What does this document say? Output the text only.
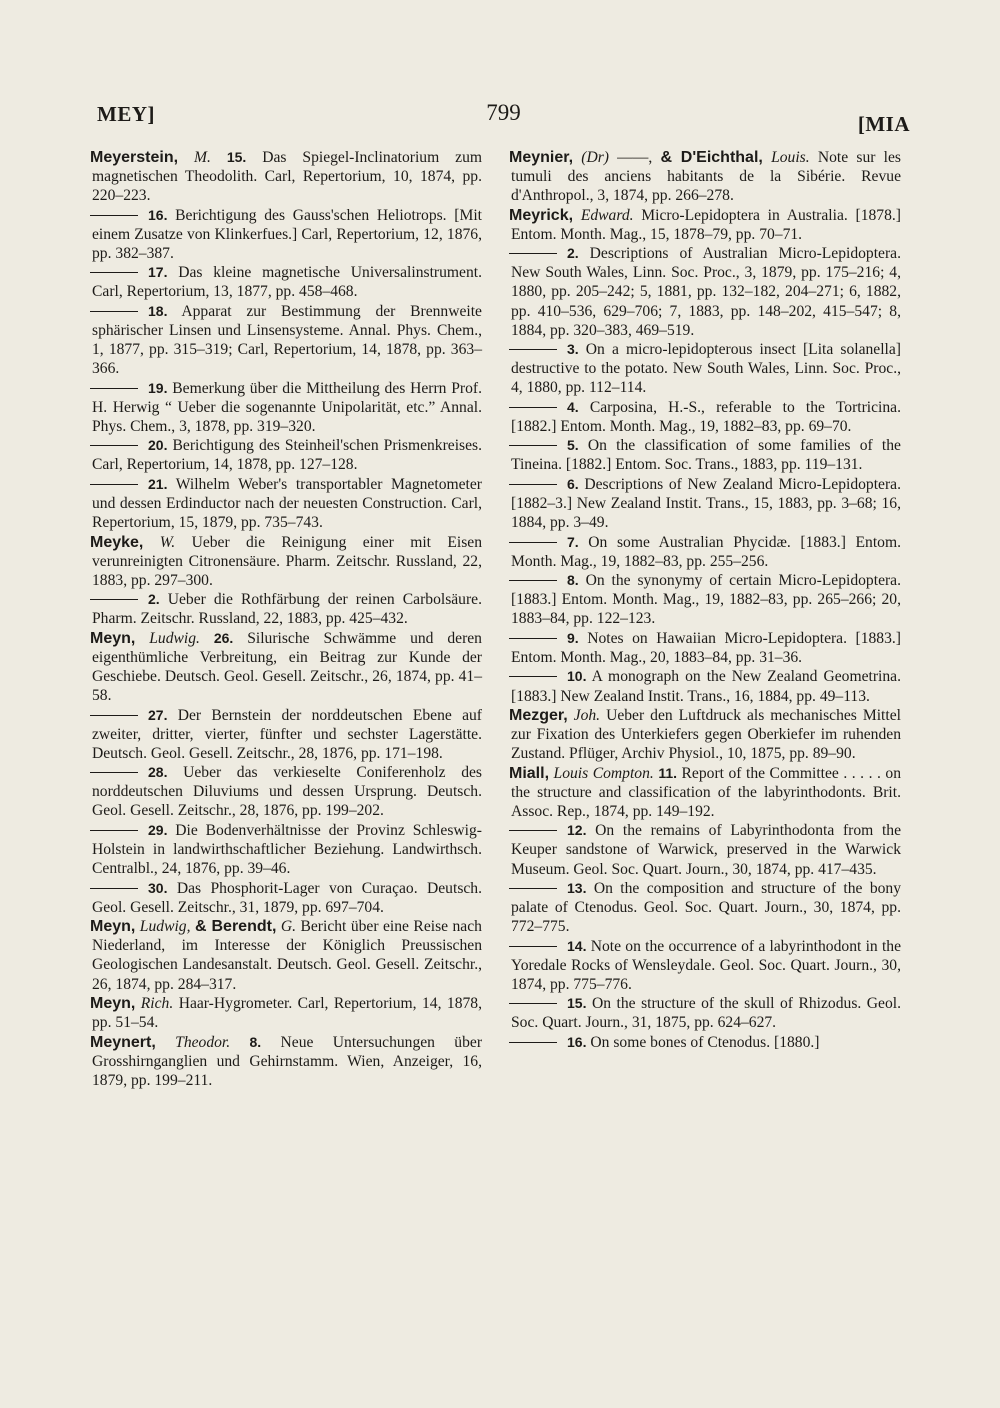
MEY]	799	[MIA

Meyerstein, M. 15. Das Spiegel-Inclinatorium zum magnetischen Theodolith. Carl, Repertorium, 10, 1874, pp. 220–223.

16. Berichtigung des Gauss'schen Heliotrops. [Mit einem Zusatze von Klinkerfues.] Carl, Repertorium, 12, 1876, pp. 382–387.

17. Das kleine magnetische Universalinstrument. Carl, Repertorium, 13, 1877, pp. 458–468.

18. Apparat zur Bestimmung der Brennweite sphärischer Linsen und Linsensysteme. Annal. Phys. Chem., 1, 1877, pp. 315–319; Carl, Repertorium, 14, 1878, pp. 363–366.

19. Bemerkung über die Mittheilung des Herrn Prof. H. Herwig “ Ueber die sogenannte Unipolarität, etc.” Annal. Phys. Chem., 3, 1878, pp. 319–320.

20. Berichtigung des Steinheil'schen Prismenkreises. Carl, Repertorium, 14, 1878, pp. 127–128.

21. Wilhelm Weber's transportabler Magnetometer und dessen Erdinductor nach der neuesten Construction. Carl, Repertorium, 15, 1879, pp. 735–743.

Meyke, W. Ueber die Reinigung einer mit Eisen verunreinigten Citronensäure. Pharm. Zeitschr. Russland, 22, 1883, pp. 297–300.

2. Ueber die Rothfärbung der reinen Carbolsäure. Pharm. Zeitschr. Russland, 22, 1883, pp. 425–432.

Meyn, Ludwig. 26. Silurische Schwämme und deren eigenthümliche Verbreitung, ein Beitrag zur Kunde der Geschiebe. Deutsch. Geol. Gesell. Zeitschr., 26, 1874, pp. 41–58.

27. Der Bernstein der norddeutschen Ebene auf zweiter, dritter, vierter, fünfter und sechster Lagerstätte. Deutsch. Geol. Gesell. Zeitschr., 28, 1876, pp. 171–198.

28. Ueber das verkieselte Coniferenholz des norddeutschen Diluviums und dessen Ursprung. Deutsch. Geol. Gesell. Zeitschr., 28, 1876, pp. 199–202.

29. Die Bodenverhältnisse der Provinz Schleswig-Holstein in landwirthschaftlicher Beziehung. Landwirthsch. Centralbl., 24, 1876, pp. 39–46.

30. Das Phosphorit-Lager von Curaçao. Deutsch. Geol. Gesell. Zeitschr., 31, 1879, pp. 697–704.

Meyn, Ludwig, & Berendt, G. Bericht über eine Reise nach Niederland, im Interesse der Königlich Preussischen Geologischen Landesanstalt. Deutsch. Geol. Gesell. Zeitschr., 26, 1874, pp. 284–317.

Meyn, Rich. Haar-Hygrometer. Carl, Repertorium, 14, 1878, pp. 51–54.

Meynert, Theodor. 8. Neue Untersuchungen über Grosshirnganglien und Gehirnstamm. Wien, Anzeiger, 16, 1879, pp. 199–211.

Meynier, (Dr) ——, & D'Eichthal, Louis. Note sur les tumuli des anciens habitants de la Sibérie. Revue d'Anthropol., 3, 1874, pp. 266–278.

Meyrick, Edward. Micro-Lepidoptera in Australia. [1878.] Entom. Month. Mag., 15, 1878–79, pp. 70–71.

2. Descriptions of Australian Micro-Lepidoptera. New South Wales, Linn. Soc. Proc., 3, 1879, pp. 175–216; 4, 1880, pp. 205–242; 5, 1881, pp. 132–182, 204–271; 6, 1882, pp. 410–536, 629–706; 7, 1883, pp. 148–202, 415–547; 8, 1884, pp. 320–383, 469–519.

3. On a micro-lepidopterous insect [Lita solanella] destructive to the potato. New South Wales, Linn. Soc. Proc., 4, 1880, pp. 112–114.

4. Carposina, H.-S., referable to the Tortricina. [1882.] Entom. Month. Mag., 19, 1882–83, pp. 69–70.

5. On the classification of some families of the Tineina. [1882.] Entom. Soc. Trans., 1883, pp. 119–131.

6. Descriptions of New Zealand Micro-Lepidoptera. [1882–3.] New Zealand Instit. Trans., 15, 1883, pp. 3–68; 16, 1884, pp. 3–49.

7. On some Australian Phycidæ. [1883.] Entom. Month. Mag., 19, 1882–83, pp. 255–256.

8. On the synonymy of certain Micro-Lepidoptera. [1883.] Entom. Month. Mag., 19, 1882–83, pp. 265–266; 20, 1883–84, pp. 122–123.

9. Notes on Hawaiian Micro-Lepidoptera. [1883.] Entom. Month. Mag., 20, 1883–84, pp. 31–36.

10. A monograph on the New Zealand Geometrina. [1883.] New Zealand Instit. Trans., 16, 1884, pp. 49–113.

Mezger, Joh. Ueber den Luftdruck als mechanisches Mittel zur Fixation des Unterkiefers gegen Oberkiefer im ruhenden Zustand. Pflüger, Archiv Physiol., 10, 1875, pp. 89–90.

Miall, Louis Compton. 11. Report of the Committee . . . . . on the structure and classification of the labyrinthodonts. Brit. Assoc. Rep., 1874, pp. 149–192.

12. On the remains of Labyrinthodonta from the Keuper sandstone of Warwick, preserved in the Warwick Museum. Geol. Soc. Quart. Journ., 30, 1874, pp. 417–435.

13. On the composition and structure of the bony palate of Ctenodus. Geol. Soc. Quart. Journ., 30, 1874, pp. 772–775.

14. Note on the occurrence of a labyrinthodont in the Yoredale Rocks of Wensleydale. Geol. Soc. Quart. Journ., 30, 1874, pp. 775–776.

15. On the structure of the skull of Rhizodus. Geol. Soc. Quart. Journ., 31, 1875, pp. 624–627.

16. On some bones of Ctenodus. [1880.]
